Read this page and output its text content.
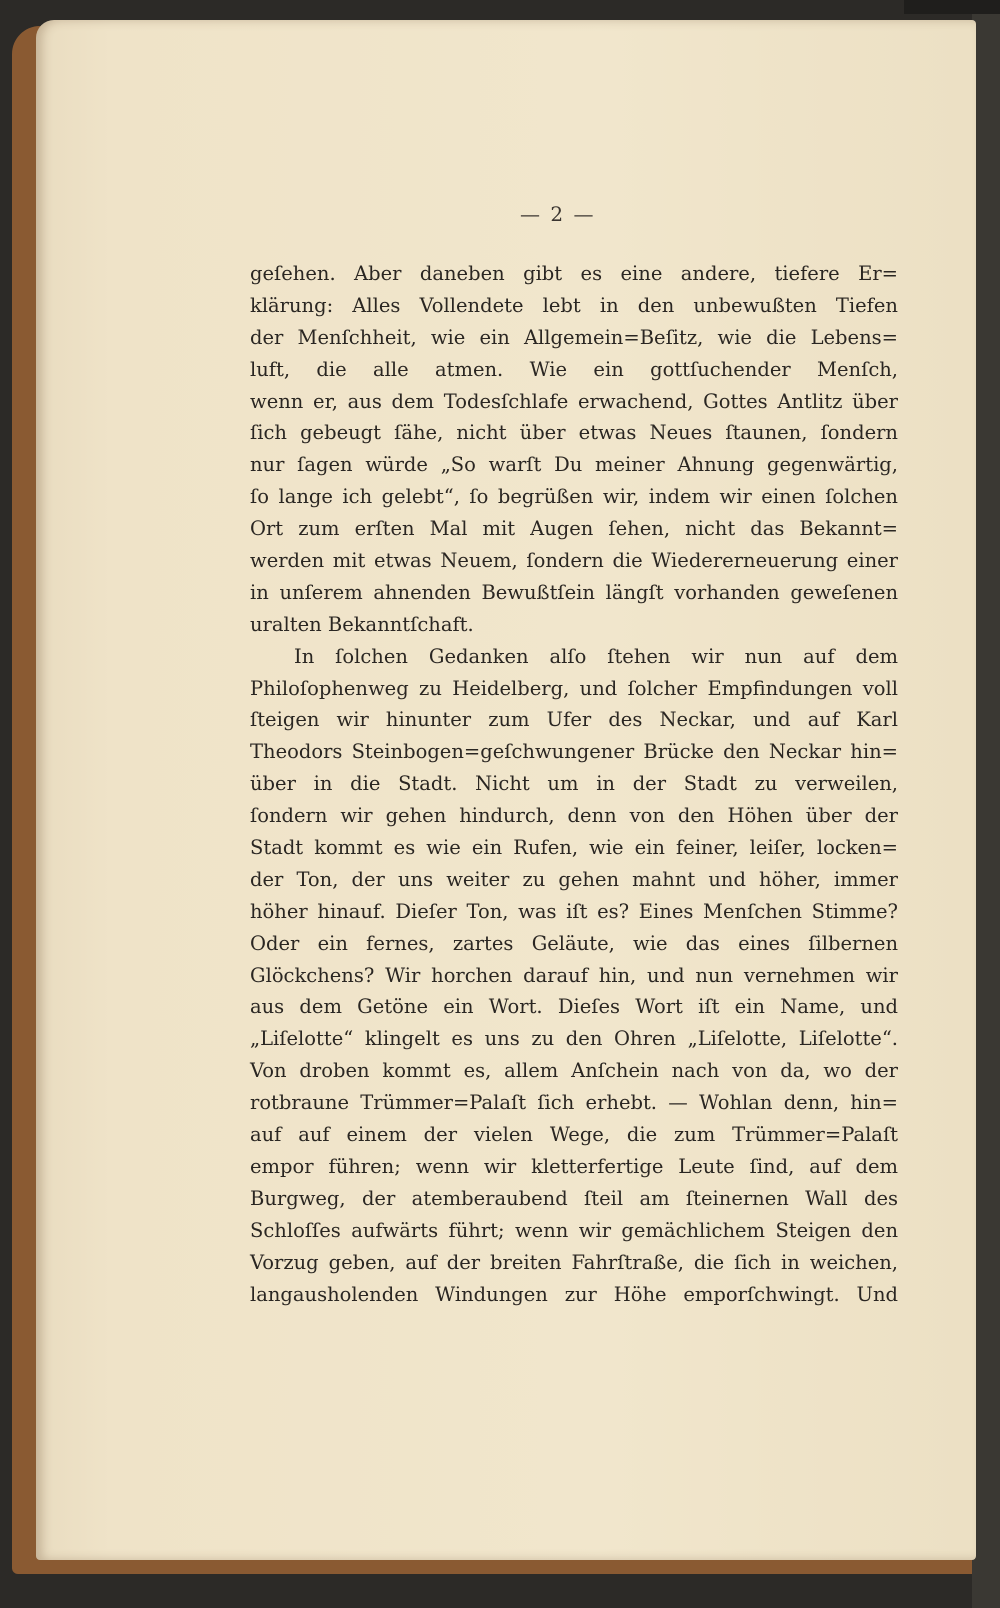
— 2 —
geſehen. Aber daneben gibt es eine andere, tiefere Er=
klärung: Alles Vollendete lebt in den unbewußten Tiefen
der Menſchheit, wie ein Allgemein=Beſitz, wie die Lebens=
luft, die alle atmen. Wie ein gottſuchender Menſch,
wenn er, aus dem Todesſchlafe erwachend, Gottes Antlitz über
ſich gebeugt ſähe, nicht über etwas Neues ſtaunen, ſondern
nur ſagen würde „So warſt Du meiner Ahnung gegenwärtig,
ſo lange ich gelebt“, ſo begrüßen wir, indem wir einen ſolchen
Ort zum erſten Mal mit Augen ſehen, nicht das Bekannt=
werden mit etwas Neuem, ſondern die Wiedererneuerung einer
in unſerem ahnenden Bewußtſein längſt vorhanden geweſenen
uralten Bekanntſchaft.
In ſolchen Gedanken alſo ſtehen wir nun auf dem
Philoſophenweg zu Heidelberg, und ſolcher Empfindungen voll
ſteigen wir hinunter zum Ufer des Neckar, und auf Karl
Theodors Steinbogen=geſchwungener Brücke den Neckar hin=
über in die Stadt. Nicht um in der Stadt zu verweilen,
ſondern wir gehen hindurch, denn von den Höhen über der
Stadt kommt es wie ein Rufen, wie ein feiner, leiſer, locken=
der Ton, der uns weiter zu gehen mahnt und höher, immer
höher hinauf. Dieſer Ton, was iſt es? Eines Menſchen Stimme?
Oder ein fernes, zartes Geläute, wie das eines ſilbernen
Glöckchens? Wir horchen darauf hin, und nun vernehmen wir
aus dem Getöne ein Wort. Dieſes Wort iſt ein Name, und
„Liſelotte“ klingelt es uns zu den Ohren „Liſelotte, Liſelotte“.
Von droben kommt es, allem Anſchein nach von da, wo der
rotbraune Trümmer=Palaſt ſich erhebt. — Wohlan denn, hin=
auf auf einem der vielen Wege, die zum Trümmer=Palaſt
empor führen; wenn wir kletterfertige Leute ſind, auf dem
Burgweg, der atemberaubend ſteil am ſteinernen Wall des
Schloſſes aufwärts führt; wenn wir gemächlichem Steigen den
Vorzug geben, auf der breiten Fahrſtraße, die ſich in weichen,
langausholenden Windungen zur Höhe emporſchwingt. Und
